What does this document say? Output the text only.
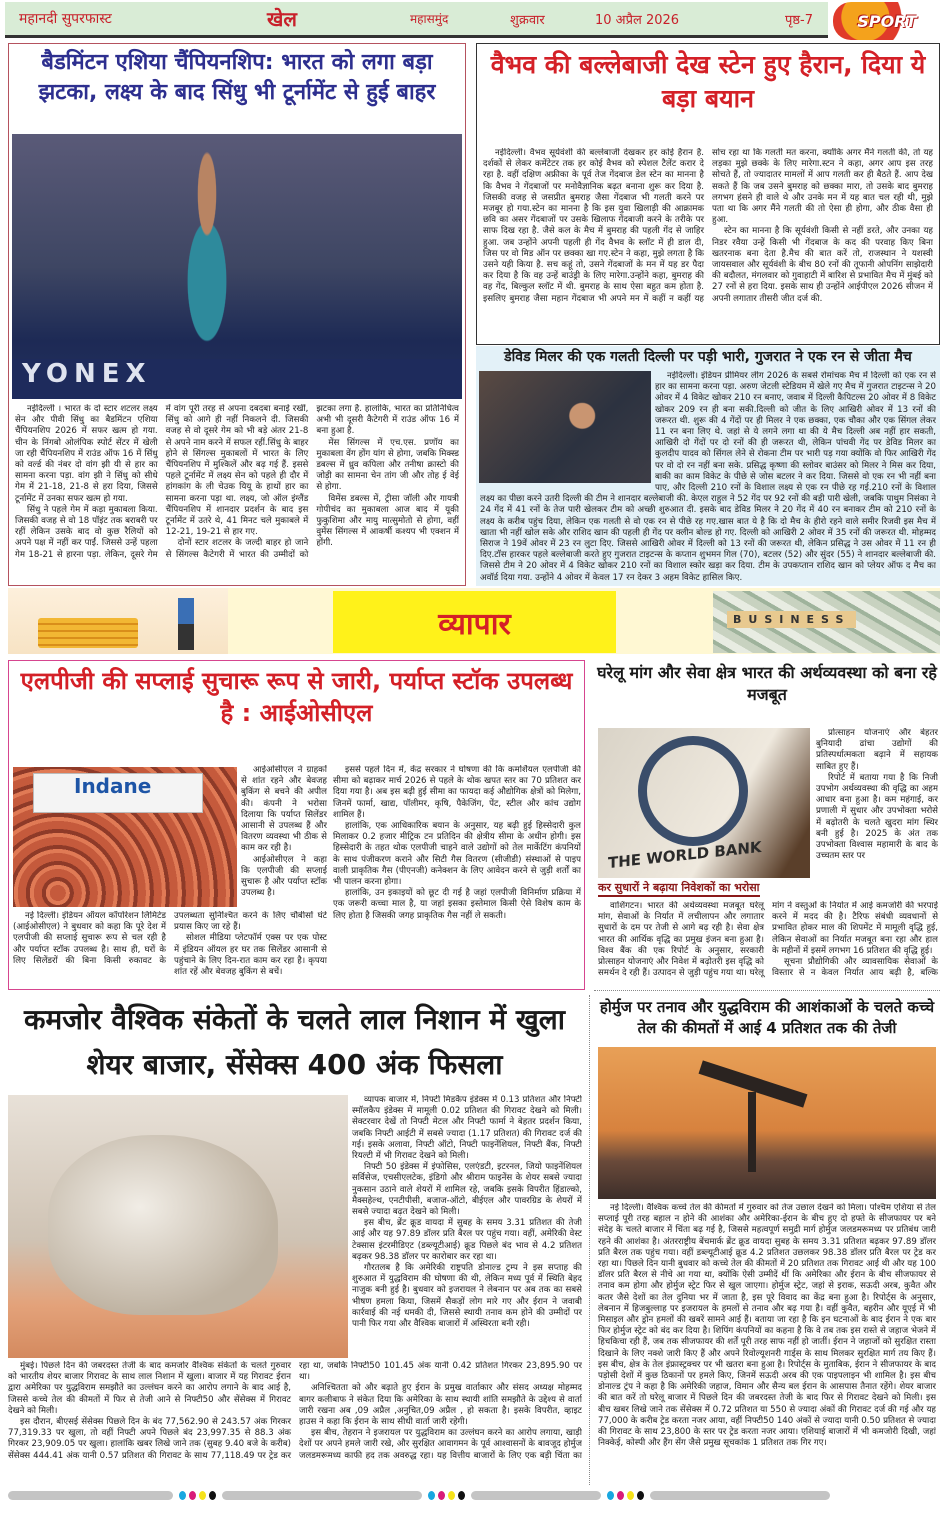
महानदी सुपरफास्ट	खेल	महासमुंद	शुक्रवार	10 अप्रैल 2026	पृष्ठ-7	SPORT
बैडमिंटन एशिया चैंपियनशिप: भारत को लगा बड़ा झटका, लक्ष्य के बाद सिंधु भी टूर्नामेंट से हुई बाहर
YONEX

नईदिल्ली । भारत के दो स्टार शटलर लक्ष्य सेन और पीवी सिंधु का बैडमिंटन एशिया चैंपियनशिप 2026 में सफर खत्म हो गया. चीन के निंगबो ओलंपिक स्पोर्ट सेंटर में खेली जा रही चैंपियनशिप में राउंड ऑफ 16 में सिंधु को वर्ल्ड की नंबर दो वांग झी यी से हार का सामना करना पड़ा. वांग झी ने सिंधु को सीधे गेम में 21-18, 21-8 से हरा दिया, जिससे टूर्नामेंट में उनका सफर खत्म हो गया.

सिंधु ने पहले गेम में कड़ा मुकाबला किया. जिसकी वजह से वो 18 पॉइंट तक बराबरी पर रहीं लेकिन उसके बाद वो कुछ रैलियों को अपने पक्ष में नहीं कर पाईं. जिससे उन्हें पहला गेम 18-21 से हारना पड़ा. लेकिन, दूसरे गेम में वांग पूरी तरह से अपना दबदबा बनाई रखीं, सिंधु को आगे ही नहीं निकलने दी. जिसकी वजह से वो दूसरे गेम को भी बड़े अंतर 21-8 से अपने नाम करने में सफल रहीं.सिंधु के बाहर होने से सिंगल्स मुकाबलों में भारत के लिए चैंपियनशिप में मुश्किलें और बढ़ गई हैं. इससे पहले टूर्नामेंट में लक्ष्य सेन को पहले ही दौर में हांगकांग के ली चेउक यियू के हाथों हार का सामना करना पड़ा था. लक्ष्य, जो ऑल इंग्लैंड चैंपियनशिप में शानदार प्रदर्शन के बाद इस टूर्नामेंट में उतरे थे, 41 मिनट चले मुकाबले में 12-21, 19-21 से हार गए.

दोनों स्टार शटलर के जल्दी बाहर हो जाने से सिंगल्स कैटेगरी में भारत की उम्मीदों को झटका लगा है. हालांकि, भारत का प्रतिनिधित्व अभी भी दूसरी कैटेगरी में राउंड ऑफ 16 में बना हुआ है.

मेंस सिंगल्स में एच.एस. प्रणॉय का मुकाबला वेंग होंग यांग से होगा, जबकि मिक्स्ड डबल्स में ध्रुव कपिला और तनीषा क्रास्टो की जोड़ी का सामना चेन तांग जी और तोह ई वेई से होगा.

विमेंस डबल्स में, ट्रीसा जॉली और गायत्री गोपीचंद का मुकाबला आज बाद में यूकी फुकुशिमा और मायु मात्सुमोतो से होगा, वहीं वुमेंस सिंगल्स में आकर्षी कश्यप भी एक्शन में होंगी.

वैभव की बल्लेबाजी देख स्टेन हुए हैरान, दिया ये बड़ा बयान

नईदिल्ली। वैभव सूर्यवंशी की बल्लेबाजी देखकर हर कोई हैरान है. दर्शकों से लेकर कमेंटेटर तक हर कोई वैभव को स्पेशल टैलेंट करार दे रहा है. वहीं दक्षिण अफ्रीका के पूर्व तेज गेंदबाज डेल स्टेन का मानना है कि वैभव ने गेंदबाजों पर मनोवैज्ञानिक बढ़त बनाना शुरू कर दिया है. जिसकी वजह से जसप्रीत बुमराह जैसा गेंदबाज भी गलती करने पर मजबूर हो गया.स्टेन का मानना है कि इस युवा खिलाड़ी की आक्रामक छवि का असर गेंदबाजों पर उसके खिलाफ गेंदबाजी करने के तरीके पर साफ दिख रहा है. जैसे कल के मैच में बुमराह की पहली गेंद से जाहिर हुआ. जब उन्होंने अपनी पहली ही गेंद वैभव के स्लॉट में ही डाल दी, जिस पर वो मिड ऑन पर छक्का खा गए.स्टेन ने कहा, मुझे लगता है कि उसने यही किया है. सच कहूं तो, उसने गेंदबाजों के मन में यह डर पैदा कर दिया है कि वह उन्हें बाउंड्री के लिए मारेगा.उन्होंने कहा, बुमराह की वह गेंद, बिल्कुल स्लॉट में थी. बुमराह के साथ ऐसा बहुत कम होता है. इसलिए बुमराह जैसा महान गेंदबाज भी अपने मन में कहीं न कहीं यह सोच रहा था कि गलती मत करना, क्योंकि अगर मैंने गलती की, तो यह लड़का मुझे छक्के के लिए मारेगा.स्टन ने कहा, अगर आप इस तरह सोचते हैं, तो ज्यादातर मामलों में आप गलती कर ही बैठते हैं. आप देख सकते हैं कि जब उसने बुमराह को छक्का मारा, तो उसके बाद बुमराह लगभग हंसने ही वाले थे और उनके मन में यह बात चल रही थी, मुझे पता था कि अगर मैंने गलती की तो ऐसा ही होगा, और ठीक वैसा ही हुआ.

स्टेन का मानना है कि सूर्यवंशी किसी से नहीं डरते, और उनका यह निडर रवैया उन्हें किसी भी गेंदबाज के कद की परवाह किए बिना खतरनाक बना देता है.मैच की बात करें तो, राजस्थान ने यशस्वी जायसवाल और सूर्यवंशी के बीच 80 रनों की तूफानी ओपनिंग साझेदारी की बदौलत, मंगलवार को गुवाहाटी में बारिश से प्रभावित मैच में मुंबई को 27 रनों से हरा दिया. इसके साथ ही उन्होंने आईपीएल 2026 सीजन में अपनी लगातार तीसरी जीत दर्ज की.

डेविड मिलर की एक गलती दिल्ली पर पड़ी भारी, गुजरात ने एक रन से जीता मैच

नईदिल्ली। इंडियन प्रीमियर लीग 2026 के सबसे रोमांचक मैच में दिल्ली को एक रन से हार का सामना करना पड़ा. अरुण जेटली स्टेडियम में खेले गए मैच में गुजरात टाइटन्स ने 20 ओवर में 4 विकेट खोकर 210 रन बनाए, जवाब में दिल्ली कैपिटल्स 20 ओवर में 8 विकेट खोकर 209 रन ही बना सकी.दिल्ली को जीत के लिए आखिरी ओवर में 13 रनों की जरूरत थी. शुरू की 4 गेंदों पर ही मिलर ने एक छक्का, एक चौका और एक सिंगल लेकर 11 रन बना लिए थे. जहां से ये लगने लगा था की ये मैच दिल्ली अब नहीं हार सकती, आखिरी दो गेंदों पर दो रनों की ही जरूरत थी, लेकिन पांचवी गेंद पर डेविड मिलर का कुलदीप यादव को सिंगल लेने से रोकना टीम पर भारी पड़ गया क्योंकि वो फिर आखिरी गेंद पर वो दो रन नहीं बना सके. प्रसिद्ध कृष्णा की स्लोवर बाउंसर को मिलर ने मिस कर दिया, बाकी का काम विकेट के पीछे से जोस बटलर ने कर दिया. जिससे वो एक रन भी नहीं बना पाए, और दिल्ली 210 रनों के विशाल लक्ष्य से एक रन पीछे रह गई.210 रनों के विशाल लक्ष्य का पीछा करने उतरी दिल्ली की टीम ने शानदार बल्लेबाजी की. केएल राहुल ने 52 गेंद पर 92 रनों की बड़ी पारी खेली, जबकि पाथुम निसंका ने 24 गेंद में 41 रनों के तेज पारी खेलकर टीम को अच्छी शुरुआत दी. इसके बाद डेविड मिलर ने 20 गेंद में 40 रन बनाकर टीम को 210 रनों के लक्ष्य के करीब पहुंच दिया, लेकिन एक गलती से वो एक रन से पीछे रह गए.खास बात ये है कि दो मैच के हीरो रहने वाले समीर रिजवी इस मैच में खाता भी नहीं खोल सके और राशिद खान की पहली ही गेंद पर क्लीन बोल्ड हो गए. दिल्ली को आखिरी 2 ओवर में 35 रनों की जरूरत थी. मोहम्मद सिराज ने 19वें ओवर में 23 रन लुटा दिए. जिससे आखिरी ओवर में दिल्ली को 13 रनों की जरूरत थी, लेकिन प्रसिद्ध ने उस ओवर में 11 रन ही दिए.टॉस हारकर पहले बल्लेबाजी करते हुए गुजरात टाइटन्स के कप्तान शुभमन गिल (70), बटलर (52) और सुंदर (55) ने शानदार बल्लेबाजी की. जिससे टीम ने 20 ओवर में 4 विकेट खोकर 210 रनों का विशाल स्कोर खड़ा कर दिया. टीम के उपकप्तान राशिद खान को प्लेयर ऑफ द मैच का अवॉर्ड दिया गया. उन्होंने 4 ओवर में केवल 17 रन देकर 3 अहम विकेट हासिल किए.

व्यापार	BUSINESS
एलपीजी की सप्लाई सुचारू रूप से जारी, पर्याप्त स्टॉक उपलब्ध है : आईओसीएल
Indane

आईओसीएल ने ग्राहकों से शांत रहने और बेवजह बुकिंग से बचने की अपील की। कंपनी ने भरोसा दिलाया कि पर्याप्त सिलेंडर आसानी से उपलब्ध हैं और वितरण व्यवस्था भी ठीक से काम कर रही है।

आईओसीएल ने कहा कि एलपीजी की सप्लाई सुचारू है और पर्याप्त स्टॉक उपलब्ध है।

नई दिल्ली। इंडियन ऑयल कॉर्पोरेशन लिमिटेड (आईओसीएल) ने बुधवार को कहा कि पूरे देश में एलपीजी की सप्लाई सुचारू रूप से चल रही है और पर्याप्त स्टॉक उपलब्ध है। साथ ही, घरों के लिए सिलेंडरों की बिना किसी रुकावट के उपलब्धता सुनिश्चित करने के लिए चौबीसों घंटे प्रयास किए जा रहे हैं।

सोशल मीडिया प्लेटफॉर्म एक्स पर एक पोस्ट में इंडियन ऑयल हर घर तक सिलेंडर आसानी से पहुंचाने के लिए दिन-रात काम कर रहा है। कृपया शांत रहें और बेवजह बुकिंग से बचें।

इससे पहले दिन में, केंद्र सरकार ने घोषणा की कि कमर्शियल एलपीजी की सीमा को बढ़ाकर मार्च 2026 से पहले के थोक खपत स्तर का 70 प्रतिशत कर दिया गया है। अब इस बढ़ी हुई सीमा का फायदा कई औद्योगिक क्षेत्रों को मिलेगा, जिनमें फार्मा, खाद्य, पॉलीमर, कृषि, पैकेजिंग, पेंट, स्टील और कांच उद्योग शामिल हैं।

हालांकि, एक आधिकारिक बयान के अनुसार, यह बढ़ी हुई हिस्सेदारी कुल मिलाकर 0.2 हजार मीट्रिक टन प्रतिदिन की क्षेत्रीय सीमा के अधीन होगी। इस हिस्सेदारी के तहत थोक एलपीजी चाहने वाले उद्योगों को तेल मार्केटिंग कंपनियों के साथ पंजीकरण कराने और सिटी गैस वितरण (सीजीडी) संस्थाओं से पाइप वाली प्राकृतिक गैस (पीएनजी) कनेक्शन के लिए आवेदन करने से जुड़ी शर्तों का भी पालन करना होगा।

हालांकि, उन इकाइयों को छूट दी गई है जहां एलपीजी विनिर्माण प्रक्रिया में एक जरूरी कच्चा माल है, या जहां इसका इस्तेमाल किसी ऐसे विशेष काम के लिए होता है जिसकी जगह प्राकृतिक गैस नहीं ले सकती।

घरेलू मांग और सेवा क्षेत्र भारत की अर्थव्यवस्था को बना रहे मजबूत
THE WORLD BANK

प्रोत्साहन योजनाएं और बेहतर बुनियादी ढांचा उद्योगों की प्रतिस्पर्धात्मकता बढ़ाने में सहायक साबित हुए हैं।

रिपोर्ट में बताया गया है कि निजी उपभोग अर्थव्यवस्था की वृद्धि का अहम आधार बना हुआ है। कम महंगाई, कर प्रणाली में सुधार और उपभोक्ता भरोसे में बढ़ोतरी के चलते खुदरा मांग स्थिर बनी हुई है। 2025 के अंत तक उपभोक्ता विश्वास महामारी के बाद के उच्चतम स्तर पर

कर सुधारों ने बढ़ाया निवेशकों का भरोसा

वाशिंगटन। भारत की अर्थव्यवस्था मजबूत घरेलू मांग, सेवाओं के निर्यात में लचीलापन और लगातार सुधारों के दम पर तेजी से आगे बढ़ रही है। सेवा क्षेत्र भारत की आर्थिक वृद्धि का प्रमुख इंजन बना हुआ है। विश्व बैंक की एक रिपोर्ट के अनुसार, सरकारी प्रोत्साहन योजनाएं और निवेश में बढ़ोतरी इस वृद्धि को समर्थन दे रही हैं। उत्पादन से जुड़ी पहुंच गया था। घरेलू मांग ने वस्तुओं के निर्यात में आई कमजोरी की भरपाई करने में मदद की है। टैरिफ संबंधी व्यवधानों से प्रभावित होकर माल की शिपमेंट में मामूली वृद्धि हुई, लेकिन सेवाओं का निर्यात मजबूत बना रहा और हाल के महीनों में इसमें लगभग 16 प्रतिशत की वृद्धि हुई।

सूचना प्रौद्योगिकी और व्यावसायिक सेवाओं के विस्तार से न केवल निर्यात आय बढ़ी है, बल्कि

कमजोर वैश्विक संकेतों के चलते लाल निशान में खुला शेयर बाजार, सेंसेक्स 400 अंक फिसला

व्यापक बाजार में, निफ्टी मिडकैप इंडेक्स में 0.13 प्रतिशत और निफ्टी स्मॉलकैप इंडेक्स में मामूली 0.02 प्रतिशत की गिरावट देखने को मिली। सेक्टरवार देखें तो निफ्टी मेटल और निफ्टी फार्मा ने बेहतर प्रदर्शन किया, जबकि निफ्टी आईटी में सबसे ज्यादा (1.17 प्रतिशत) की गिरावट दर्ज की गई। इसके अलावा, निफ्टी ऑटो, निफ्टी फाइनेंशियल, निफ्टी बैंक, निफ्टी रियल्टी में भी गिरावट देखने को मिली।

निफ्टी 50 इंडेक्स में इंफोसिस, एलएंडटी, इटरनल, जियो फाइनेंशियल सर्विसेज, एचसीएलटेक, इंडिगो और श्रीराम फाइनेंस के शेयर सबसे ज्यादा नुकसान उठाने वाले शेयरों में शामिल रहे, जबकि इसके विपरीत हिंडाल्को, मैक्सहेल्थ, एनटीपीसी, बजाज-ऑटो, बीईएल और पावरग्रिड के शेयरों में सबसे ज्यादा बढ़त देखने को मिली।

इस बीच, ब्रेंट क्रूड वायदा में सुबह के समय 3.31 प्रतिशत की तेजी आई और यह 97.89 डॉलर प्रति बैरल पर पहुंच गया। वहीं, अमेरिकी वेस्ट टेक्सास इंटरमीडिएट (डब्ल्यूटीआई) क्रूड पिछले बंद भाव से 4.2 प्रतिशत बढ़कर 98.38 डॉलर पर कारोबार कर रहा था।

गौरतलब है कि अमेरिकी राष्ट्रपति डोनाल्ड ट्रम्प ने इस सप्ताह की शुरुआत में युद्धविराम की घोषणा की थी, लेकिन मध्य पूर्व में स्थिति बेहद नाजुक बनी हुई है। बुधवार को इजरायल ने लेबनान पर अब तक का सबसे भीषण हमला किया, जिसमें सैकड़ों लोग मारे गए और ईरान ने जवाबी कार्रवाई की नई धमकी दी, जिससे स्थायी तनाव कम होने की उम्मीदों पर पानी फिर गया और वैश्विक बाजारों में अस्थिरता बनी रही।

मुंबई। पिछले दिन की जबरदस्त तेजी के बाद कमजोर वैश्विक संकेतों के चलते गुरुवार को भारतीय शेयर बाजार गिरावट के साथ लाल निशान में खुला। बाजार में यह गिरावट ईरान द्वारा अमेरिका पर युद्धविराम समझौते का उल्लंघन करने का आरोप लगाने के बाद आई है, जिससे कच्चे तेल की कीमतों में फिर से तेजी आने से निफ्टी50 और सेंसेक्स में गिरावट देखने को मिली।

इस दौरान, बीएसई सेंसेक्स पिछले दिन के बंद 77,562.90 से 243.57 अंक गिरकर 77,319.33 पर खुला, तो वहीं निफ्टी अपने पिछले बंद 23,997.35 से 88.3 अंक गिरकर 23,909.05 पर खुला। हालांकि खबर लिखे जाने तक (सुबह 9.40 बजे के करीब) सेंसेक्स 444.41 अंक यानी 0.57 प्रतिशत की गिरावट के साथ 77,118.49 पर ट्रेड कर रहा था, जबकि निफ्टी50 101.45 अंक यानी 0.42 प्रतिशत गिरकर 23,895.90 पर था।

अनिश्चितता को और बढ़ाते हुए ईरान के प्रमुख वार्ताकार और संसद अध्यक्ष मोहम्मद बागर कलीबाफ ने संकेत दिया कि अमेरिका के साथ स्थायी शांति समझौते के उद्देश्य से वार्ता जारी रखना अब ,09 अप्रैल ,अनुचित,09 अप्रैल , हो सकता है। इसके विपरीत, व्हाइट हाउस ने कहा कि ईरान के साथ सीधी वार्ता जारी रहेगी।

इस बीच, तेहरान ने इजरायल पर युद्धविराम का उल्लंघन करने का आरोप लगाया, खाड़ी देशों पर अपने हमले जारी रखे, और सुरक्षित आवागमन के पूर्व आश्वासनों के बावजूद होर्मुज जलडमरूमध्य काफी हद तक अवरुद्ध रहा। यह वित्तीय बाजारों के लिए एक बड़ी चिंता का

होर्मुज पर तनाव और युद्धविराम की आशंकाओं के चलते कच्चे तेल की कीमतों में आई 4 प्रतिशत तक की तेजी

नई दिल्ली। वैश्विक कच्चे तेल की कीमतों में गुरुवार को तेज उछाल देखने को मिला। पश्चिम एशिया से तेल सप्लाई पूरी तरह बहाल न होने की आशंका और अमेरिका-ईरान के बीच हुए दो हफ्ते के सीजफायर पर बने संदेह के चलते बाजार में चिंता बढ़ गई है, जिससे महत्वपूर्ण समुद्री मार्ग होर्मुज जलडमरूमध्य पर प्रतिबंध जारी रहने की आशंका है। अंतरराष्ट्रीय बेंचमार्क ब्रेंट क्रूड वायदा सुबह के समय 3.31 प्रतिशत बढ़कर 97.89 डॉलर प्रति बैरल तक पहुंच गया। वहीं डब्ल्यूटीआई क्रूड 4.2 प्रतिशत उछलकर 98.38 डॉलर प्रति बैरल पर ट्रेड कर रहा था। पिछले दिन यानी बुधवार को कच्चे तेल की कीमतों में 20 प्रतिशत तक गिरावट आई थी और यह 100 डॉलर प्रति बैरल से नीचे आ गया था, क्योंकि ऐसी उम्मीदें थीं कि अमेरिका और ईरान के बीच सीजफायर से तनाव कम होगा और होर्मुज स्ट्रेट फिर से खुल जाएगा। होर्मुज स्ट्रेट, जहां से इराक, सऊदी अरब, कुवैत और कतर जैसे देशों का तेल दुनिया भर में जाता है, इस पूरे विवाद का केंद्र बना हुआ है। रिपोर्ट्स के अनुसार, लेबनान में हिजबुल्लाह पर इजरायल के हमलों से तनाव और बढ़ गया है। वहीं कुवैत, बहरीन और यूएई में भी मिसाइल और ड्रोन हमलों की खबरें सामने आई हैं। बताया जा रहा है कि इन घटनाओं के बाद ईरान ने एक बार फिर होर्मुज स्ट्रेट को बंद कर दिया है। शिपिंग कंपनियों का कहना है कि वे तब तक इस रास्ते से जहाज भेजने में हिचकिचा रही हैं, जब तक सीजफायर की शर्तें पूरी तरह साफ नहीं हो जातीं। ईरान ने जहाजों को सुरक्षित रास्ता दिखाने के लिए नक्शे जारी किए हैं और अपने रिवोल्यूशनरी गार्ड्स के साथ मिलकर सुरक्षित मार्ग तय किए हैं। इस बीच, क्षेत्र के तेल इंफ्रास्ट्रक्चर पर भी खतरा बना हुआ है। रिपोर्ट्स के मुताबिक, ईरान ने सीजफायर के बाद पड़ोसी देशों में कुछ ठिकानों पर हमले किए, जिनमें सऊदी अरब की एक पाइपलाइन भी शामिल है। इस बीच डोनाल्ड ट्रंप ने कहा है कि अमेरिकी जहाज, विमान और सैन्य बल ईरान के आसपास तैनात रहेंगे। शेयर बाजार की बात करें तो घरेलू बाजार में पिछले दिन की जबरदस्त तेजी के बाद फिर से गिरावट देखने को मिली। इस बीच खबर लिखे जाने तक सेंसेक्स में 0.72 प्रतिशत या 550 से ज्यादा अंकों की गिरावट दर्ज की गई और यह 77,000 के करीब ट्रेड करता नजर आया, वहीं निफ्टी50 140 अंकों से ज्यादा यानी 0.50 प्रतिशत से ज्यादा की गिरावट के साथ 23,800 के स्तर पर ट्रेड करता नजर आया। एशियाई बाजारों में भी कमजोरी दिखी, जहां निक्केई, कोस्पी और हैंग सेंग जैसे प्रमुख सूचकांक 1 प्रतिशत तक गिर गए।
